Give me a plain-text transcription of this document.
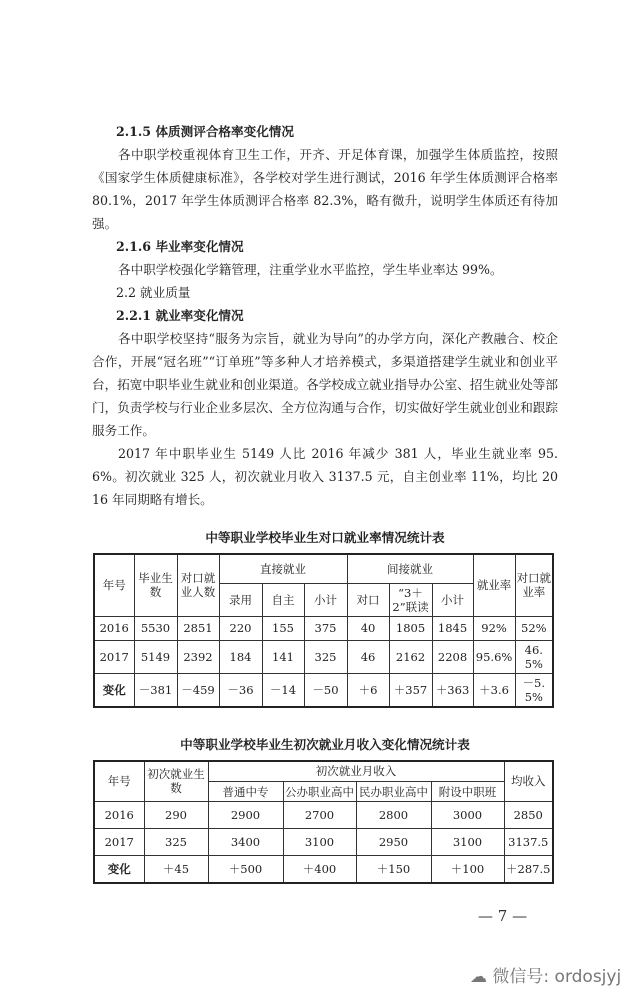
2.1.5 体质测评合格率变化情况

各中职学校重视体育卫生工作，开齐、开足体育课，加强学生体质监控，按照《国家学生体质健康标准》，各学校对学生进行测试，2016 年学生体质测评合格率 80.1%，2017 年学生体质测评合格率 82.3%，略有微升，说明学生体质还有待加强。

2.1.6 毕业率变化情况

各中职学校强化学籍管理，注重学业水平监控，学生毕业率达 99%。

2.2 就业质量

2.2.1 就业率变化情况

各中职学校坚持“服务为宗旨，就业为导向”的办学方向，深化产教融合、校企合作，开展“冠名班”“订单班”等多种人才培养模式，多渠道搭建学生就业和创业平台，拓宽中职毕业生就业和创业渠道。各学校成立就业指导办公室、招生就业处等部门，负责学校与行业企业多层次、全方位沟通与合作，切实做好学生就业创业和跟踪服务工作。

2017 年中职毕业生 5149 人比 2016 年减少 381 人，毕业生就业率 95.6%。初次就业 325 人，初次就业月收入 3137.5 元，自主创业率 11%，均比 2016 年同期略有增长。

中等职业学校毕业生对口就业率情况统计表
年号	毕业生数	对口就业人数	直接就业			间接就业			就业率	对口就业率
			录用	自主	小计	对口	“3＋2”联读	小计		
2016	5530	2851	220	155	375	40	1805	1845	92%	52%
2017	5149	2392	184	141	325	46	2162	2208	95.6%	46.5%
变化	－381	－459	－36	－14	－50	＋6	＋357	＋363	＋3.6	－5.5%
中等职业学校毕业生初次就业月收入变化情况统计表
年号	初次就业生数	初次就业月收入				均收入
		普通中专	公办职业高中	民办职业高中	附设中职班	
2016	290	2900	2700	2800	3000	2850
2017	325	3400	3100	2950	3100	3137.5
变化	＋45	＋500	＋400	＋150	＋100	＋287.5
— 7 —
☁ 微信号: ordosjyj
